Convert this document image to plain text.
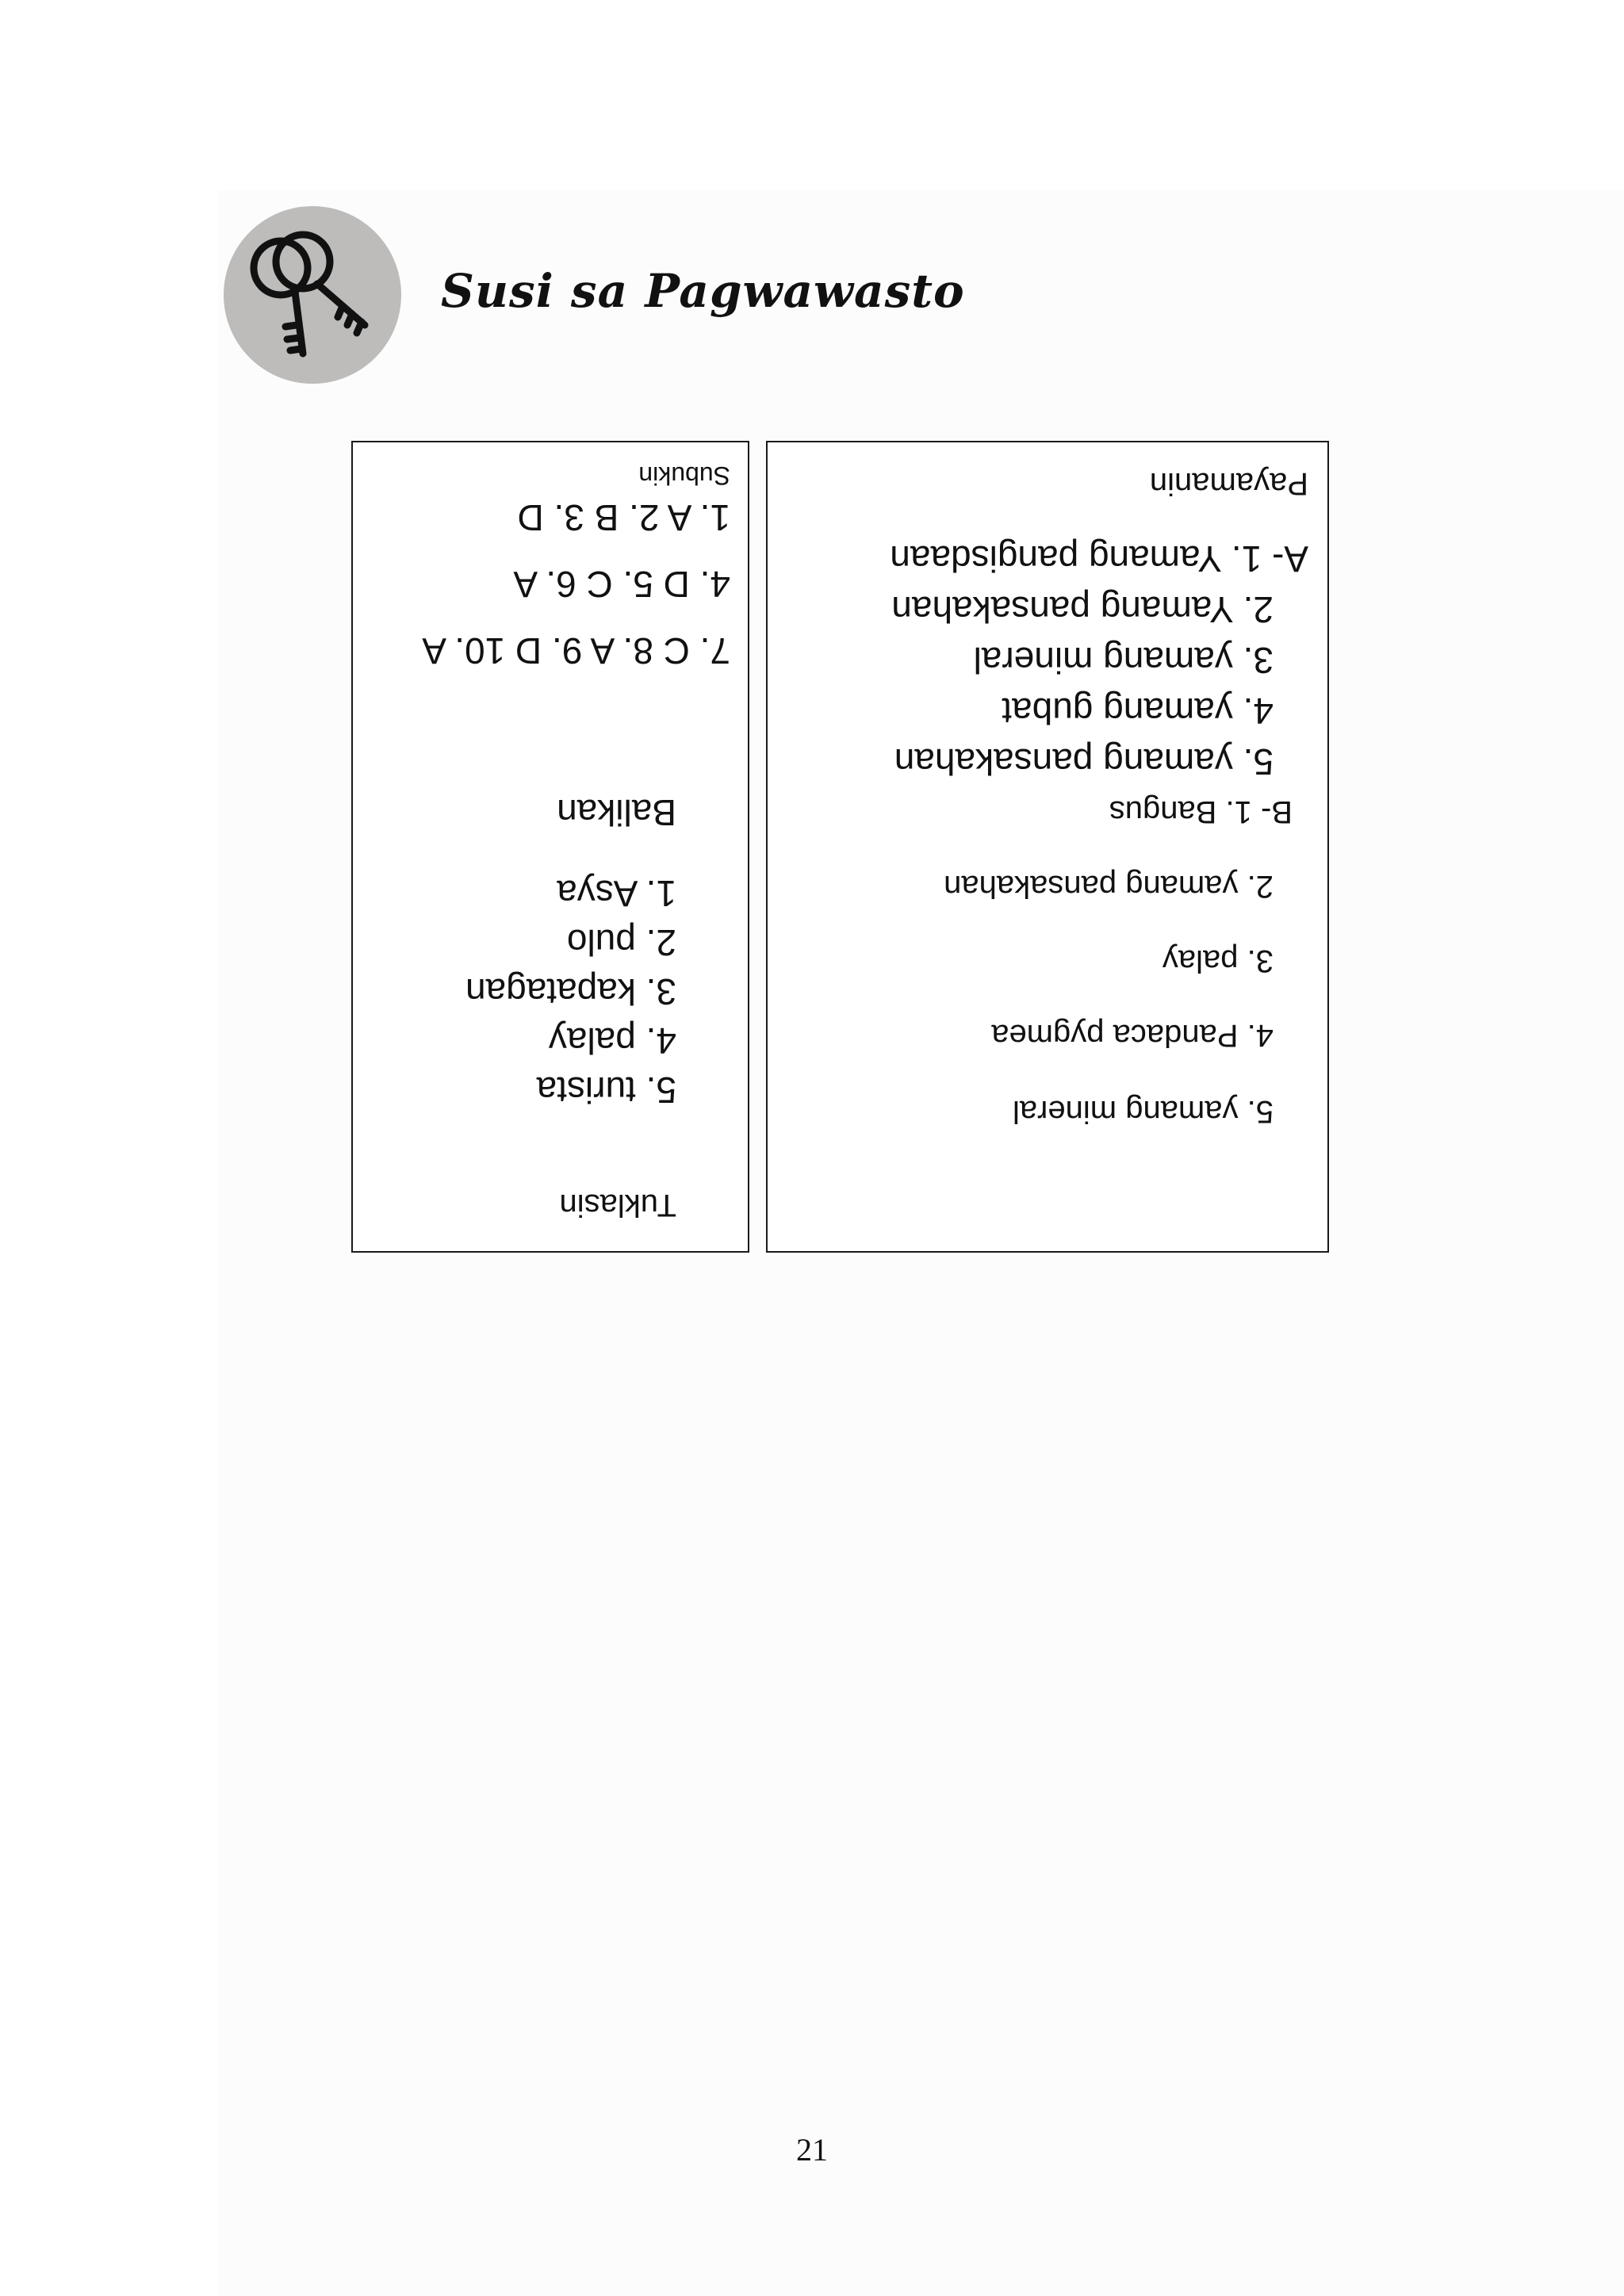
Susi sa Pagwawasto
Tuklasin
5. turista
4. palay
3. kapatagan
2. pulo
1. Asya
Balikan
7. C 8. A 9. D 10. A
4. D 5. C 6. A
1. A 2. B 3. D
Subukin
5. yamang mineral
4. Pandaca pygmea
3. palay
2. yamang pansakahan
B- 1. Bangus
5. yamang pansakahan
4. yamang gubat
3. yamang mineral
2. Yamang pansakahan
A- 1. Yamang pangisdaan
Payamanin
21
